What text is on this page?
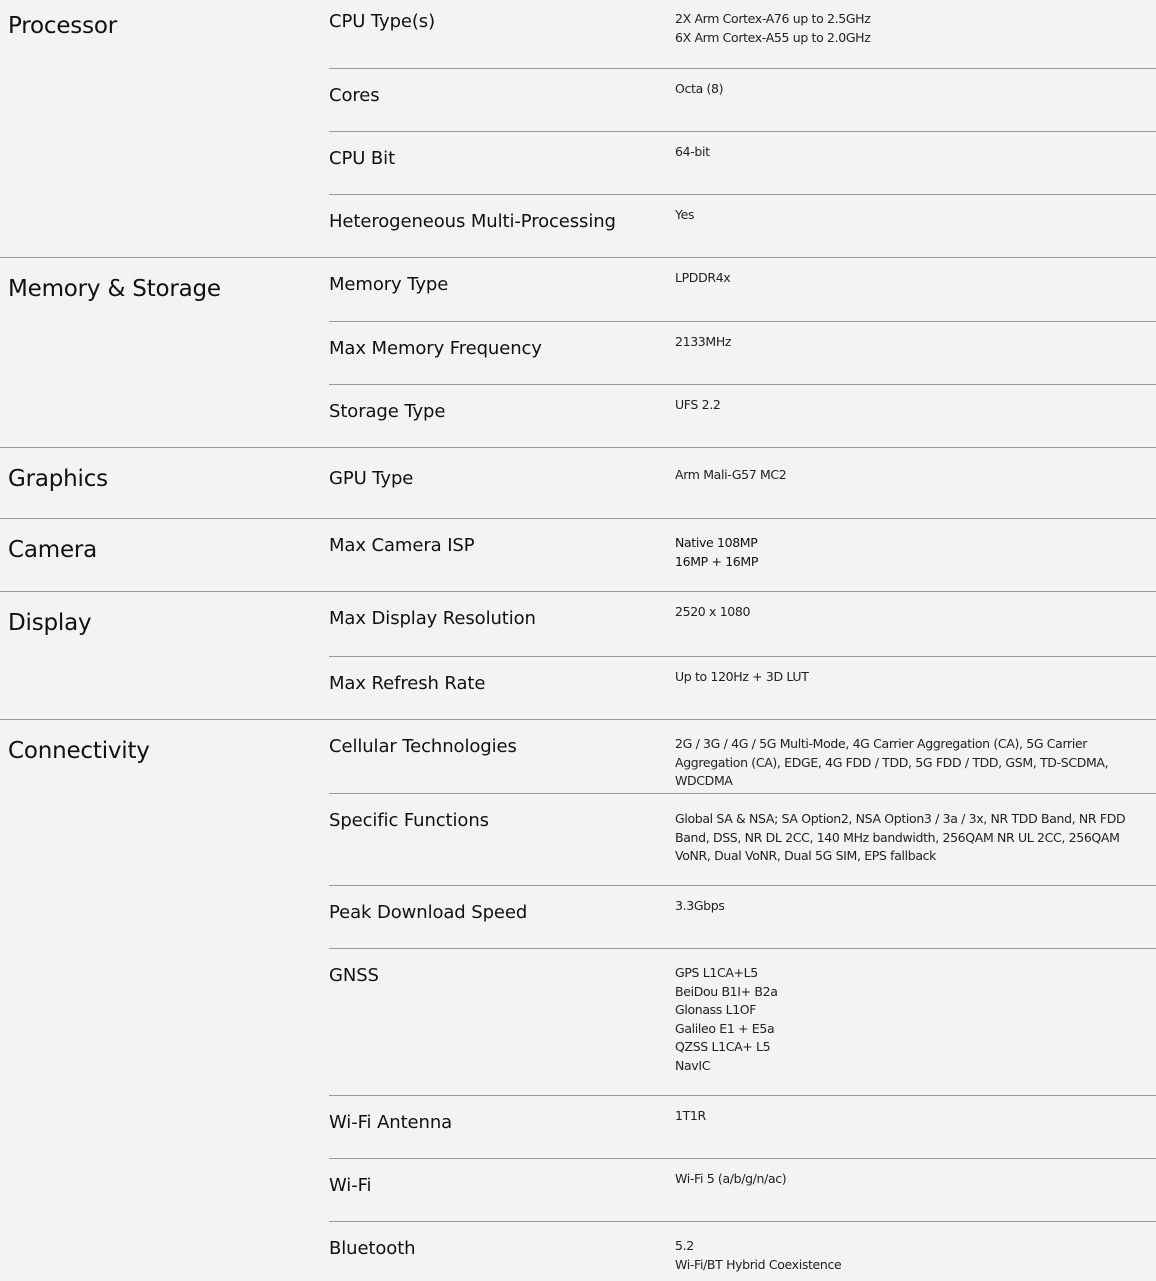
Processor	CPU Type(s)	2X Arm Cortex-A76 up to 2.5GHz
6X Arm Cortex-A55 up to 2.0GHz
Cores	Octa (8)
CPU Bit	64-bit
Heterogeneous Multi-Processing	Yes
Memory & Storage	Memory Type	LPDDR4x
Max Memory Frequency	2133MHz
Storage Type	UFS 2.2
Graphics	GPU Type	Arm Mali-G57 MC2
Camera	Max Camera ISP	Native 108MP
16MP + 16MP
Display	Max Display Resolution	2520 x 1080
Max Refresh Rate	Up to 120Hz + 3D LUT
Connectivity	Cellular Technologies	2G / 3G / 4G / 5G Multi-Mode, 4G Carrier Aggregation (CA), 5G Carrier Aggregation (CA), EDGE, 4G FDD / TDD, 5G FDD / TDD, GSM, TD-SCDMA, WDCDMA
Specific Functions	Global SA & NSA; SA Option2, NSA Option3 / 3a / 3x, NR TDD Band, NR FDD Band, DSS, NR DL 2CC, 140 MHz bandwidth, 256QAM NR UL 2CC, 256QAM VoNR, Dual VoNR, Dual 5G SIM, EPS fallback
Peak Download Speed	3.3Gbps
GNSS	GPS L1CA+L5
BeiDou B1I+ B2a
Glonass L1OF
Galileo E1 + E5a
QZSS L1CA+ L5
NavIC
Wi-Fi Antenna	1T1R
Wi-Fi	Wi-Fi 5 (a/b/g/n/ac)
Bluetooth	5.2
Wi-Fi/BT Hybrid Coexistence
